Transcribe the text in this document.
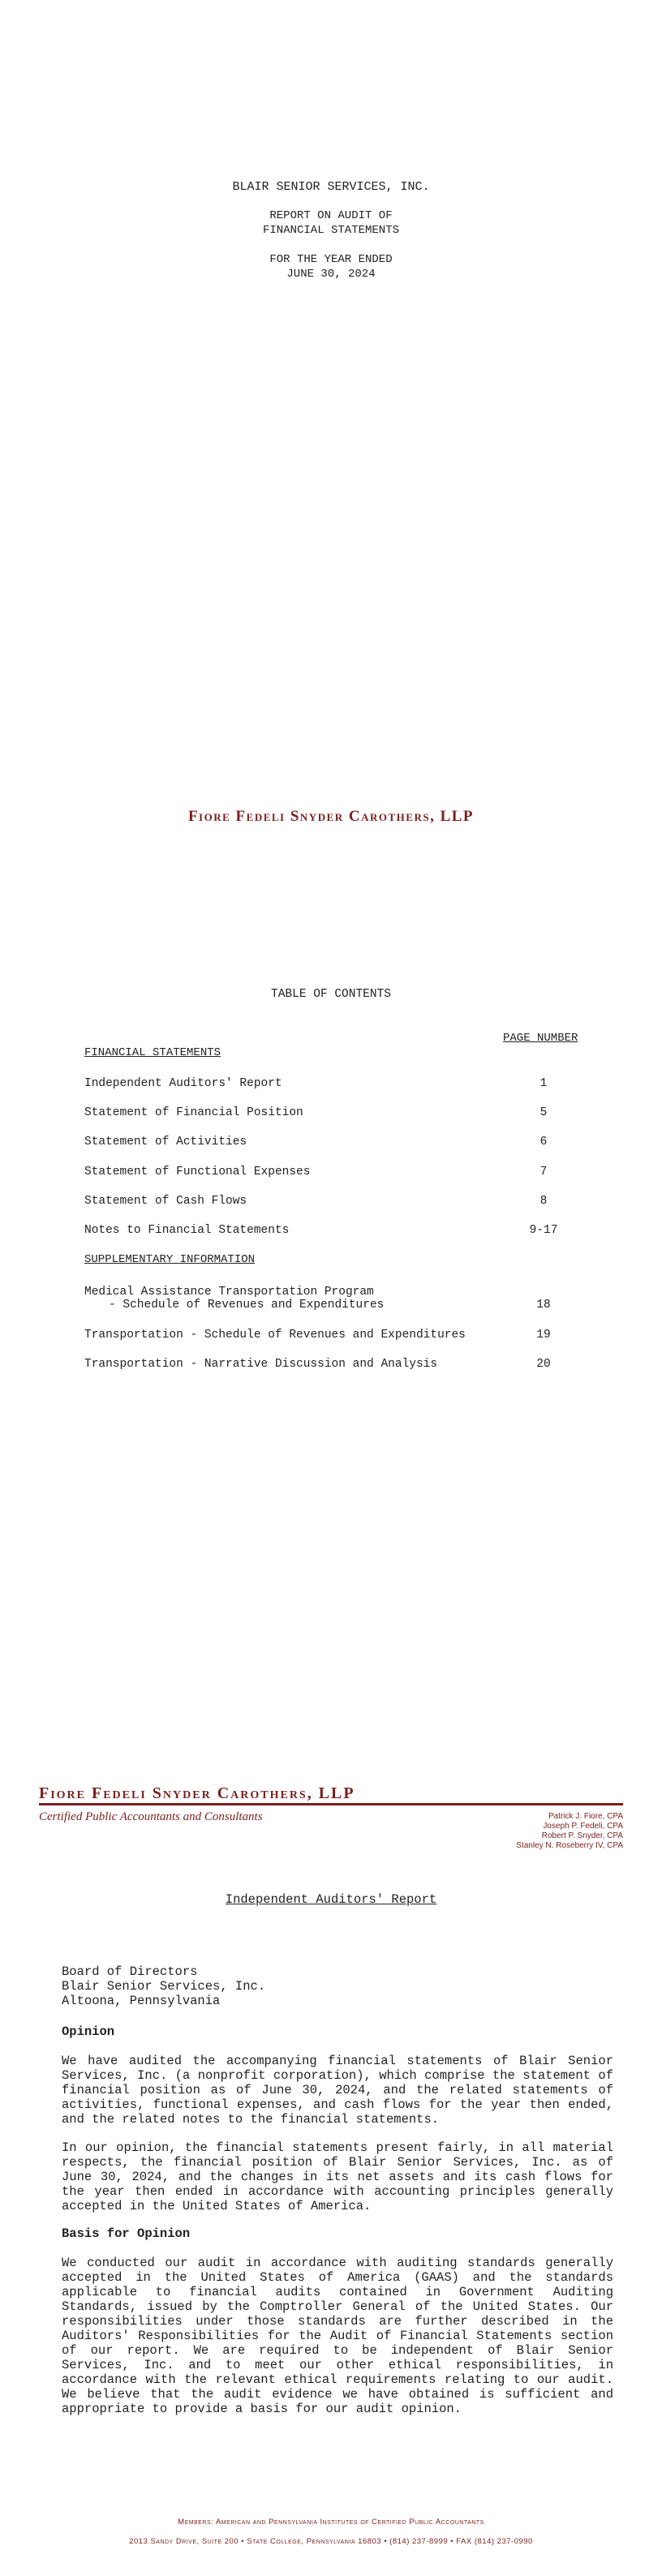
BLAIR SENIOR SERVICES, INC.
REPORT ON AUDIT OF
FINANCIAL STATEMENTS
FOR THE YEAR ENDED
JUNE 30, 2024
Fiore Fedeli Snyder Carothers, LLP
TABLE OF CONTENTS
PAGE NUMBER
FINANCIAL STATEMENTS
Independent Auditors' Report	1
Statement of Financial Position	5
Statement of Activities	6
Statement of Functional Expenses	7
Statement of Cash Flows	8
Notes to Financial Statements	9-17
SUPPLEMENTARY INFORMATION
Medical Assistance Transportation Program
- Schedule of Revenues and Expenditures	18
Transportation - Schedule of Revenues and Expenditures	19
Transportation - Narrative Discussion and Analysis	20
Fiore Fedeli Snyder Carothers, LLP
Certified Public Accountants and Consultants	Patrick J. Fiore, CPA
Joseph P. Fedeli, CPA
Robert P. Snyder, CPA
Stanley N. Roseberry IV, CPA
Independent Auditors' Report
Board of Directors
Blair Senior Services, Inc.
Altoona, Pennsylvania
Opinion
We have audited the accompanying financial statements of Blair Senior Services, Inc. (a nonprofit corporation), which comprise the statement of financial position as of June 30, 2024, and the related statements of activities, functional expenses, and cash flows for the year then ended, and the related notes to the financial statements.
In our opinion, the financial statements present fairly, in all material respects, the financial position of Blair Senior Services, Inc. as of June 30, 2024, and the changes in its net assets and its cash flows for the year then ended in accordance with accounting principles generally accepted in the United States of America.
Basis for Opinion
We conducted our audit in accordance with auditing standards generally accepted in the United States of America (GAAS) and the standards applicable to financial audits contained in Government Auditing Standards, issued by the Comptroller General of the United States. Our responsibilities under those standards are further described in the Auditors' Responsibilities for the Audit of Financial Statements section of our report. We are required to be independent of Blair Senior Services, Inc. and to meet our other ethical responsibilities, in accordance with the relevant ethical requirements relating to our audit. We believe that the audit evidence we have obtained is sufficient and appropriate to provide a basis for our audit opinion.
Members: American and Pennsylvania Institutes of Certified Public Accountants
2013 Sandy Drive, Suite 200 • State College, Pennsylvania 16803 • (814) 237-8999 • FAX (814) 237-0990
